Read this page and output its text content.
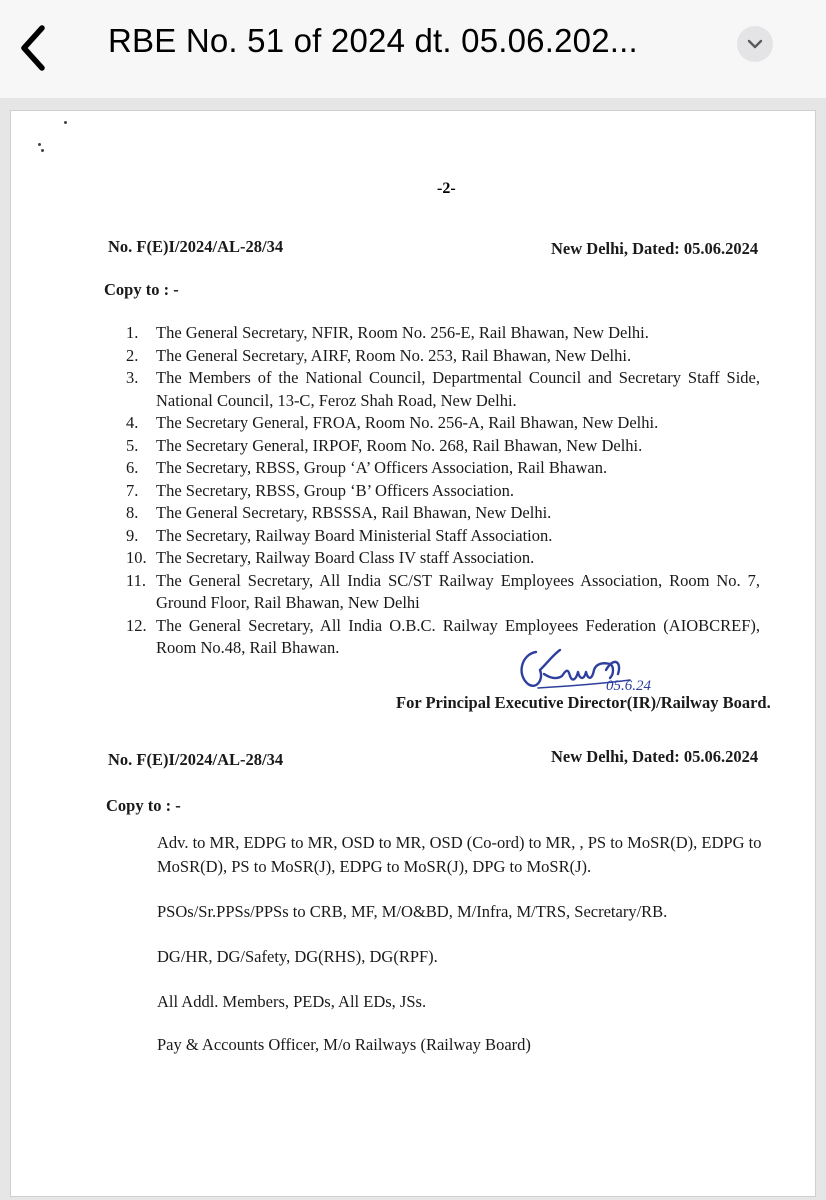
RBE No. 51 of 2024 dt. 05.06.202...
-2-
No. F(E)I/2024/AL-28/34	New Delhi, Dated: 05.06.2024
Copy to : -
1.	The General Secretary, NFIR, Room No. 256-E, Rail Bhawan, New Delhi.
2.	The General Secretary, AIRF, Room No. 253, Rail Bhawan, New Delhi.
3.	The Members of the National Council, Departmental Council and Secretary Staff Side, National Council, 13-C, Feroz Shah Road, New Delhi.
4.	The Secretary General, FROA, Room No. 256-A, Rail Bhawan, New Delhi.
5.	The Secretary General, IRPOF, Room No. 268, Rail Bhawan, New Delhi.
6.	The Secretary, RBSS, Group ‘A’ Officers Association, Rail Bhawan.
7.	The Secretary, RBSS, Group ‘B’ Officers Association.
8.	The General Secretary, RBSSSA, Rail Bhawan, New Delhi.
9.	The Secretary, Railway Board Ministerial Staff Association.
10. The Secretary, Railway Board Class IV staff Association.
11. The General Secretary, All India SC/ST Railway Employees Association, Room No. 7, Ground Floor, Rail Bhawan, New Delhi
12. The General Secretary, All India O.B.C. Railway Employees Federation (AIOBCREF), Room No.48, Rail Bhawan.
05.6.24
For Principal Executive Director(IR)/Railway Board.
No. F(E)I/2024/AL-28/34	New Delhi, Dated: 05.06.2024
Copy to : -
Adv. to MR, EDPG to MR, OSD to MR, OSD (Co-ord) to MR, , PS to MoSR(D), EDPG to MoSR(D), PS to MoSR(J), EDPG to MoSR(J), DPG to MoSR(J).
PSOs/Sr.PPSs/PPSs to CRB, MF, M/O&BD, M/Infra, M/TRS, Secretary/RB.
DG/HR, DG/Safety, DG(RHS), DG(RPF).
All Addl. Members, PEDs, All EDs, JSs.
Pay & Accounts Officer, M/o Railways (Railway Board)
